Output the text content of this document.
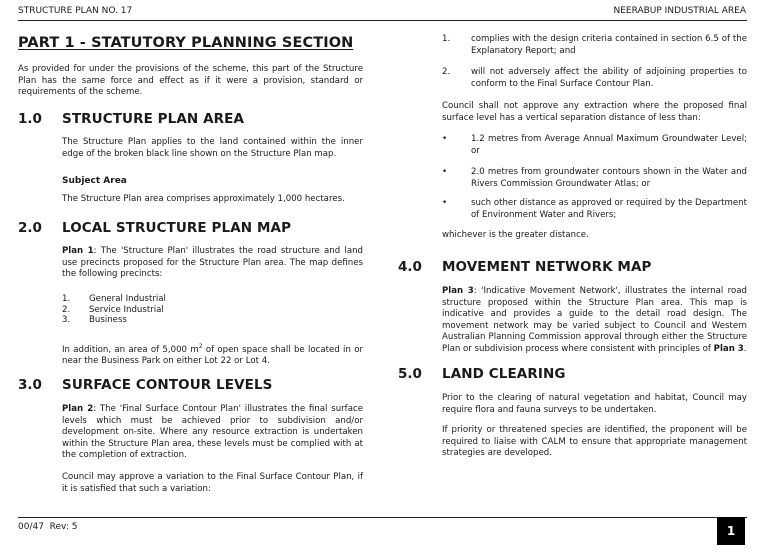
STRUCTURE PLAN NO. 17	NEERABUP INDUSTRIAL AREA
PART 1 - STATUTORY PLANNING SECTION
As provided for under the provisions of the scheme, this part of the Structure Plan has the same force and effect as if it were a provision, standard or requirements of the scheme.
1.0 STRUCTURE PLAN AREA
The Structure Plan applies to the land contained within the inner edge of the broken black line shown on the Structure Plan map.
Subject Area
The Structure Plan area comprises approximately 1,000 hectares.
2.0 LOCAL STRUCTURE PLAN MAP
Plan 1: The 'Structure Plan' illustrates the road structure and land use precincts proposed for the Structure Plan area. The map defines the following precincts:
1. General Industrial
2. Service Industrial
3. Business
In addition, an area of 5,000 $m^2$ of open space shall be located in or near the Business Park on either Lot 22 or Lot 4.
3.0 SURFACE CONTOUR LEVELS
Plan 2: The 'Final Surface Contour Plan' illustrates the final surface levels which must be achieved prior to subdivision and/or development on-site. Where any resource extraction is undertaken within the Structure Plan area, these levels must be complied with at the completion of extraction.
Council may approve a variation to the Final Surface Contour Plan, if it is satisfied that such a variation:
1. complies with the design criteria contained in section 6.5 of the Explanatory Report; and
2. will not adversely affect the ability of adjoining properties to conform to the Final Surface Contour Plan.
Council shall not approve any extraction where the proposed final surface level has a vertical separation distance of less than:
•	1.2 metres from Average Annual Maximum Groundwater Level; or
•	2.0 metres from groundwater contours shown in the Water and Rivers Commission Groundwater Atlas; or
•	such other distance as approved or required by the Department of Environment Water and Rivers;
whichever is the greater distance.
4.0 MOVEMENT NETWORK MAP
Plan 3: 'Indicative Movement Network', illustrates the internal road structure proposed within the Structure Plan area. This map is indicative and provides a guide to the detail road design. The movement network may be varied subject to Council and Western Australian Planning Commission approval through either the Structure Plan or subdivision process where consistent with principles of Plan 3.
5.0 LAND CLEARING
Prior to the clearing of natural vegetation and habitat, Council may require flora and fauna surveys to be undertaken.
If priority or threatened species are identified, the proponent will be required to liaise with CALM to ensure that appropriate management strategies are developed.
00/47  Rev: 5	1
